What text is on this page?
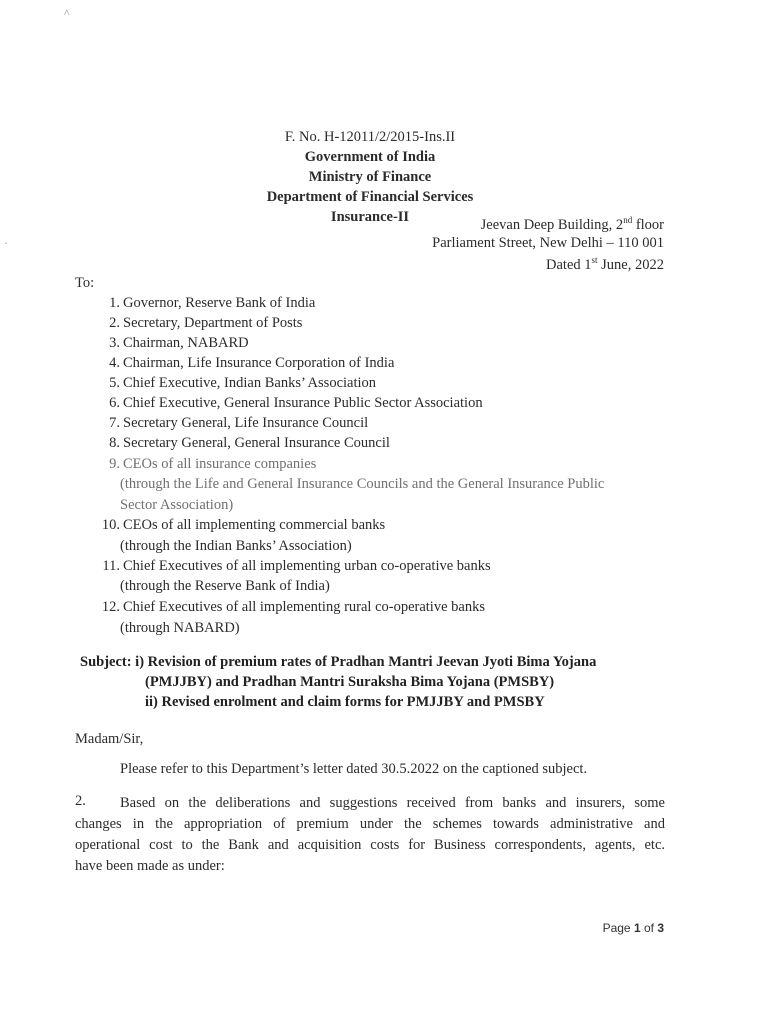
^
·
F. No. H-12011/2/2015-Ins.II
Government of India
Ministry of Finance
Department of Financial Services
Insurance-II	Jeevan Deep Building, 2nd floor
Parliament Street, New Delhi – 110 001
Dated 1st June, 2022
To:
1. Governor, Reserve Bank of India
2. Secretary, Department of Posts
3. Chairman, NABARD
4. Chairman, Life Insurance Corporation of India
5. Chief Executive, Indian Banks’ Association
6. Chief Executive, General Insurance Public Sector Association
7. Secretary General, Life Insurance Council
8. Secretary General, General Insurance Council
9. CEOs of all insurance companies
(through the Life and General Insurance Councils and the General Insurance Public
Sector Association)
10. CEOs of all implementing commercial banks
(through the Indian Banks’ Association)
11. Chief Executives of all implementing urban co-operative banks
(through the Reserve Bank of India)
12. Chief Executives of all implementing rural co-operative banks
(through NABARD)
Subject: i) Revision of premium rates of Pradhan Mantri Jeevan Jyoti Bima Yojana
(PMJJBY) and Pradhan Mantri Suraksha Bima Yojana (PMSBY)
ii) Revised enrolment and claim forms for PMJJBY and PMSBY
Madam/Sir,
Please refer to this Department’s letter dated 30.5.2022 on the captioned subject.
2. Based on the deliberations and suggestions received from banks and insurers, some
changes in the appropriation of premium under the schemes towards administrative and
operational cost to the Bank and acquisition costs for Business correspondents, agents, etc.
have been made as under:
Page 1 of 3
